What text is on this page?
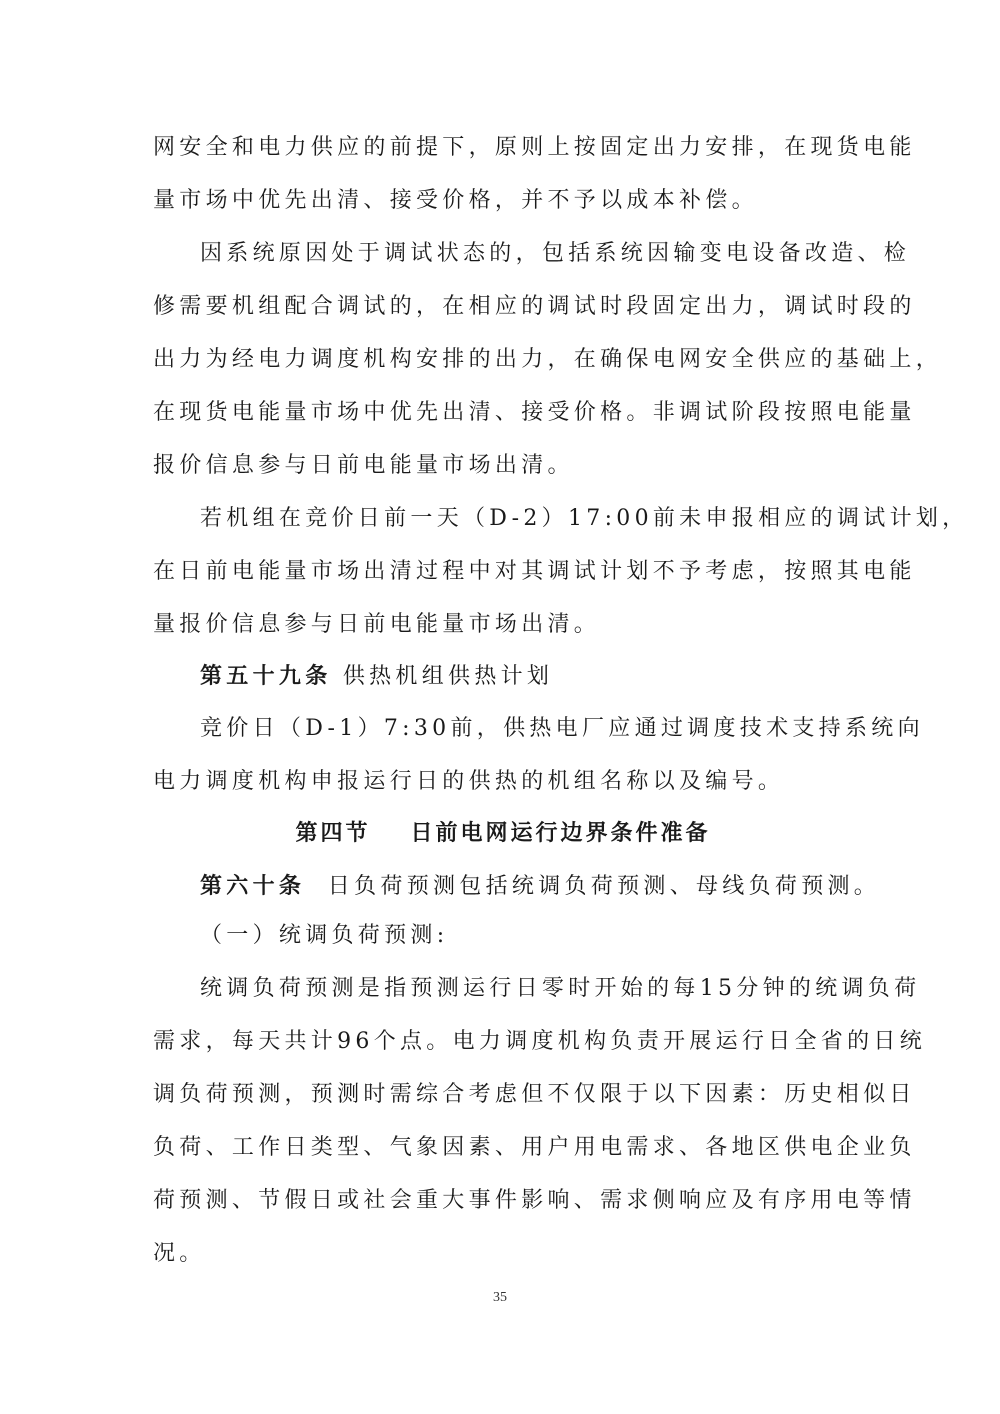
网安全和电力供应的前提下，原则上按固定出力安排，在现货电能
量市场中优先出清、接受价格，并不予以成本补偿。
因系统原因处于调试状态的，包括系统因输变电设备改造、检
修需要机组配合调试的，在相应的调试时段固定出力，调试时段的
出力为经电力调度机构安排的出力，在确保电网安全供应的基础上，
在现货电能量市场中优先出清、接受价格。非调试阶段按照电能量
报价信息参与日前电能量市场出清。
若机组在竞价日前一天（D-2）17:00前未申报相应的调试计划，
在日前电能量市场出清过程中对其调试计划不予考虑，按照其电能
量报价信息参与日前电能量市场出清。
第五十九条 供热机组供热计划
竞价日（D-1）7:30前，供热电厂应通过调度技术支持系统向
电力调度机构申报运行日的供热的机组名称以及编号。
第四节 日前电网运行边界条件准备
第六十条 日负荷预测包括统调负荷预测、母线负荷预测。
（一）统调负荷预测:
统调负荷预测是指预测运行日零时开始的每15分钟的统调负荷
需求，每天共计96个点。电力调度机构负责开展运行日全省的日统
调负荷预测，预测时需综合考虑但不仅限于以下因素：历史相似日
负荷、工作日类型、气象因素、用户用电需求、各地区供电企业负
荷预测、节假日或社会重大事件影响、需求侧响应及有序用电等情
况。
35
